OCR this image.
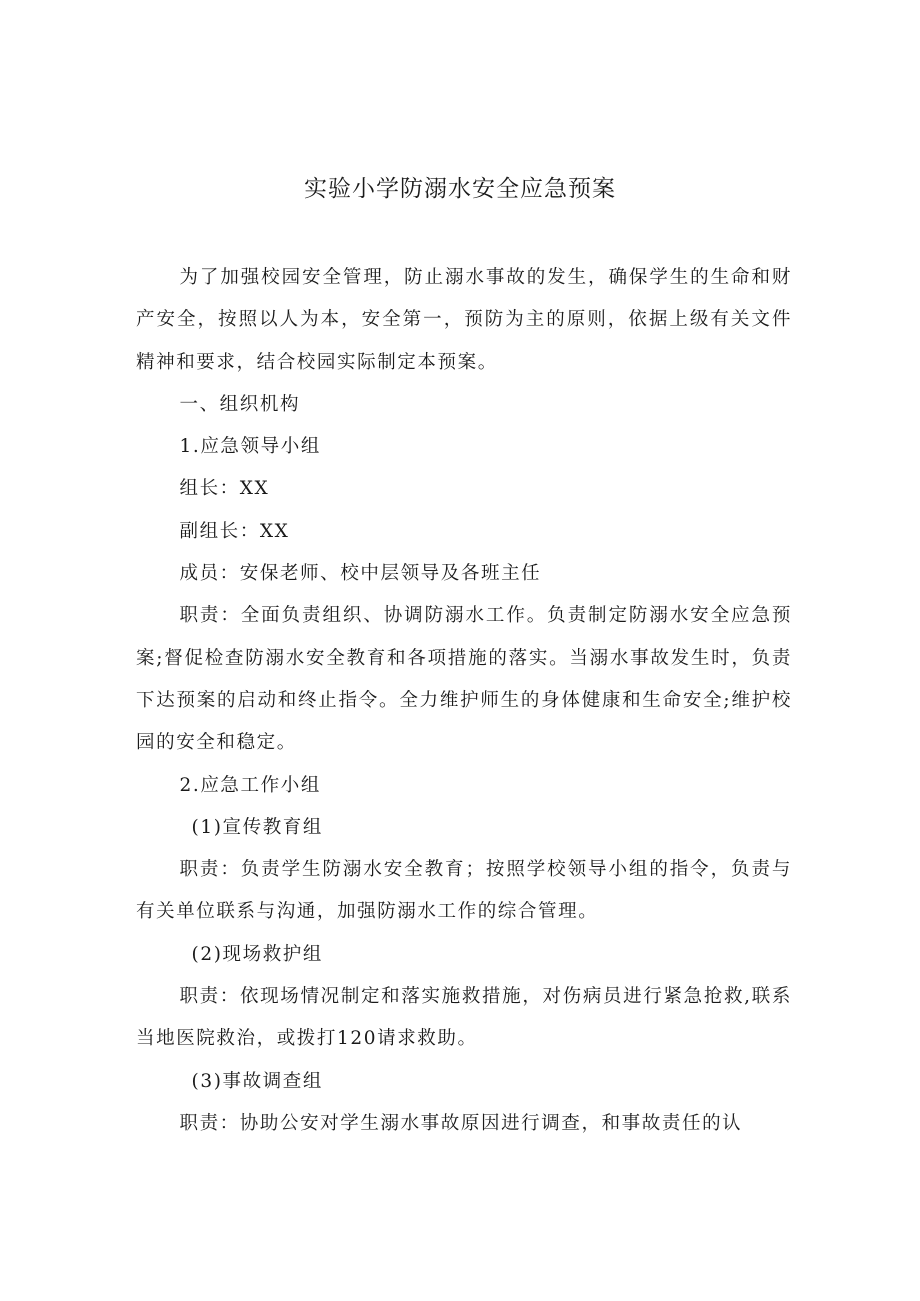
实验小学防溺水安全应急预案

为了加强校园安全管理，防止溺水事故的发生，确保学生的生命和财产安全，按照以人为本，安全第一，预防为主的原则，依据上级有关文件精神和要求，结合校园实际制定本预案。

一、组织机构

1.应急领导小组

组长：XX

副组长：XX

成员：安保老师、校中层领导及各班主任

职责：全面负责组织、协调防溺水工作。负责制定防溺水安全应急预案;督促检查防溺水安全教育和各项措施的落实。当溺水事故发生时，负责下达预案的启动和终止指令。全力维护师生的身体健康和生命安全;维护校园的安全和稳定。

2.应急工作小组

(1)宣传教育组

职责：负责学生防溺水安全教育；按照学校领导小组的指令，负责与有关单位联系与沟通，加强防溺水工作的综合管理。

(2)现场救护组

职责：依现场情况制定和落实施救措施，对伤病员进行紧急抢救,联系当地医院救治，或拨打120请求救助。

(3)事故调查组

职责：协助公安对学生溺水事故原因进行调查，和事故责任的认
